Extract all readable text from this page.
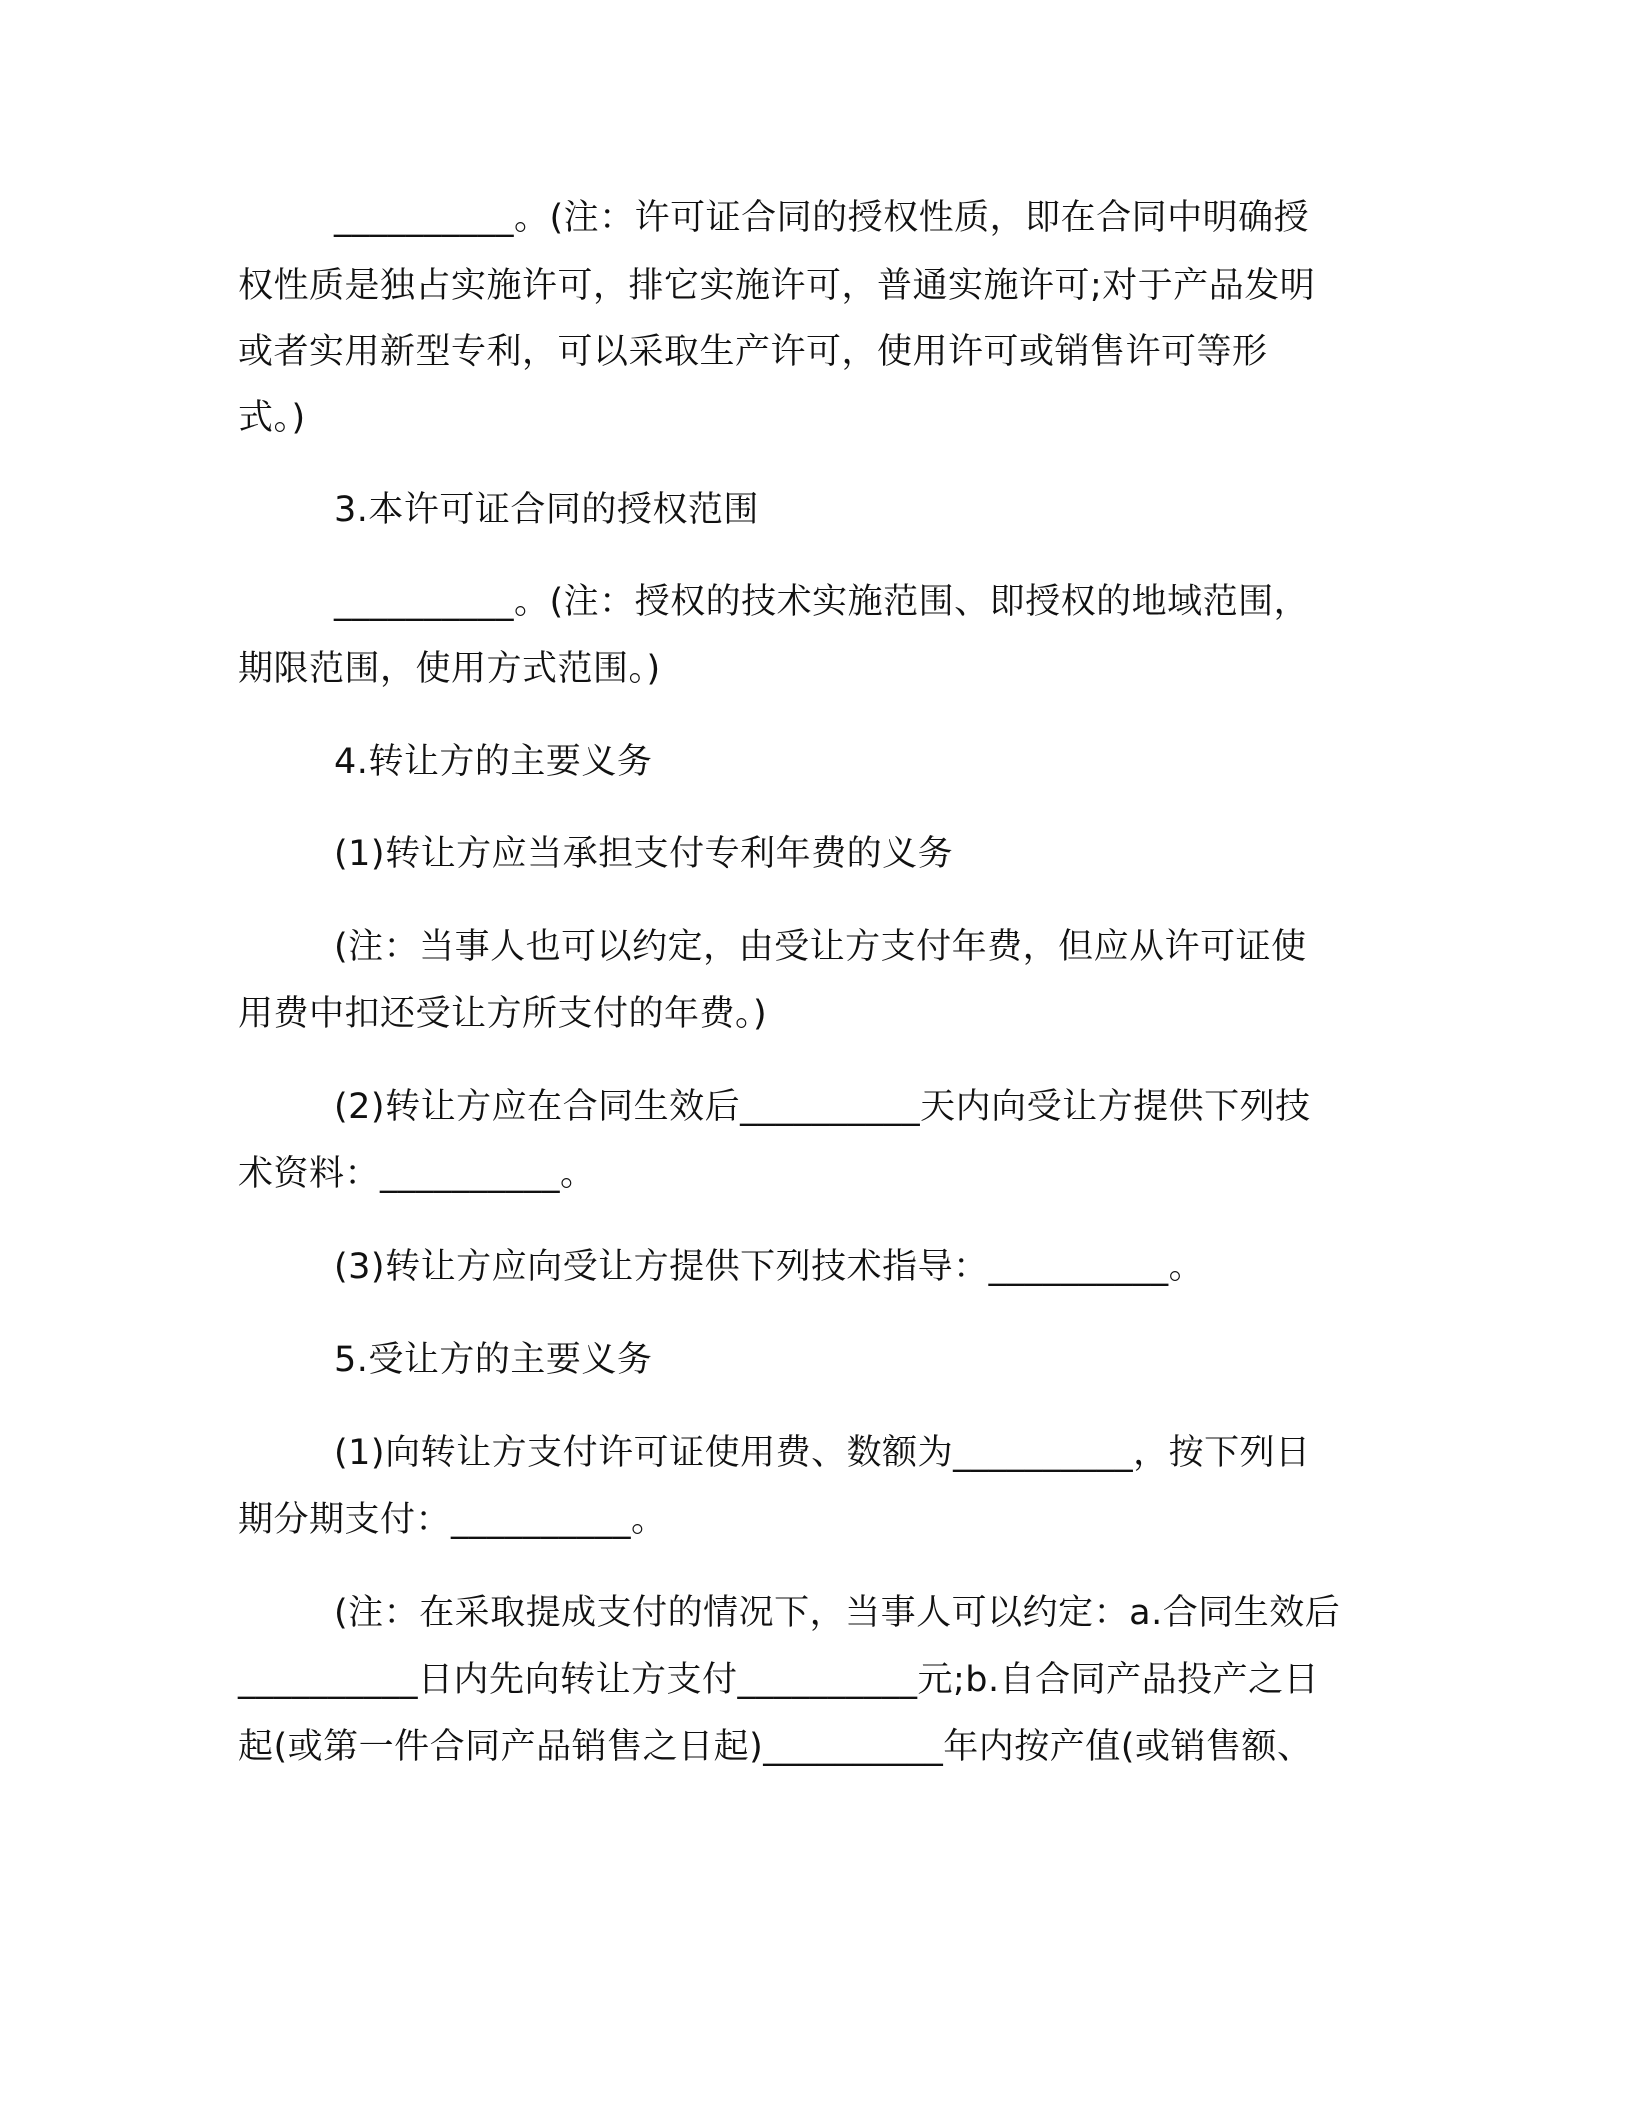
__________。(注：许可证合同的授权性质，即在合同中明确授
权性质是独占实施许可，排它实施许可，普通实施许可;对于产品发明
或者实用新型专利，可以采取生产许可，使用许可或销售许可等形
式。)
3.本许可证合同的授权范围
__________。(注：授权的技术实施范围、即授权的地域范围，
期限范围，使用方式范围。)
4.转让方的主要义务
(1)转让方应当承担支付专利年费的义务
(注：当事人也可以约定，由受让方支付年费，但应从许可证使
用费中扣还受让方所支付的年费。)
(2)转让方应在合同生效后__________天内向受让方提供下列技
术资料：__________。
(3)转让方应向受让方提供下列技术指导：__________。
5.受让方的主要义务
(1)向转让方支付许可证使用费、数额为__________，按下列日
期分期支付：__________。
(注：在采取提成支付的情况下，当事人可以约定：a.合同生效后
__________日内先向转让方支付__________元;b.自合同产品投产之日
起(或第一件合同产品销售之日起)__________年内按产值(或销售额、
